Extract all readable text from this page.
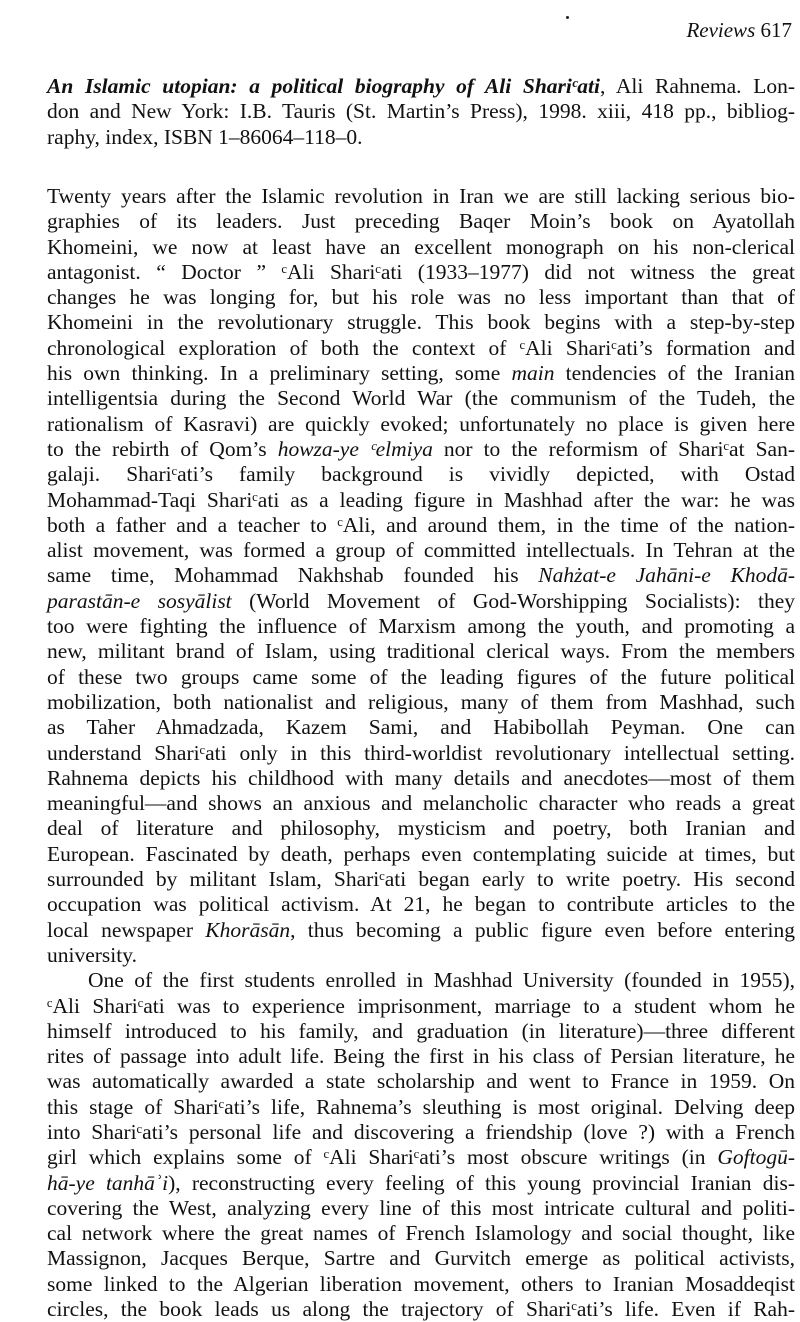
Reviews 617
An Islamic utopian: a political biography of Ali Shariᶜati, Ali Rahnema. Lon-
don and New York: I.B. Tauris (St. Martin’s Press), 1998. xiii, 418 pp., bibliog-
raphy, index, ISBN 1–86064–118–0.
Twenty years after the Islamic revolution in Iran we are still lacking serious bio-
graphies of its leaders. Just preceding Baqer Moin’s book on Ayatollah
Khomeini, we now at least have an excellent monograph on his non-clerical
antagonist. “ Doctor ” ᶜAli Shariᶜati (1933–1977) did not witness the great
changes he was longing for, but his role was no less important than that of
Khomeini in the revolutionary struggle. This book begins with a step-by-step
chronological exploration of both the context of ᶜAli Shariᶜati’s formation and
his own thinking. In a preliminary setting, some main tendencies of the Iranian
intelligentsia during the Second World War (the communism of the Tudeh, the
rationalism of Kasravi) are quickly evoked; unfortunately no place is given here
to the rebirth of Qom’s howza-ye ᶜelmiya nor to the reformism of Shariᶜat San-
galaji. Shariᶜati’s family background is vividly depicted, with Ostad
Mohammad-Taqi Shariᶜati as a leading figure in Mashhad after the war: he was
both a father and a teacher to ᶜAli, and around them, in the time of the nation-
alist movement, was formed a group of committed intellectuals. In Tehran at the
same time, Mohammad Nakhshab founded his Nahżat-e Jahāni-e Khodā-
parastān-e sosyālist (World Movement of God-Worshipping Socialists): they
too were fighting the influence of Marxism among the youth, and promoting a
new, militant brand of Islam, using traditional clerical ways. From the members
of these two groups came some of the leading figures of the future political
mobilization, both nationalist and religious, many of them from Mashhad, such
as Taher Ahmadzada, Kazem Sami, and Habibollah Peyman. One can
understand Shariᶜati only in this third-worldist revolutionary intellectual setting.
Rahnema depicts his childhood with many details and anecdotes—most of them
meaningful—and shows an anxious and melancholic character who reads a great
deal of literature and philosophy, mysticism and poetry, both Iranian and
European. Fascinated by death, perhaps even contemplating suicide at times, but
surrounded by militant Islam, Shariᶜati began early to write poetry. His second
occupation was political activism. At 21, he began to contribute articles to the
local newspaper Khorāsān, thus becoming a public figure even before entering
university.
One of the first students enrolled in Mashhad University (founded in 1955),
ᶜAli Shariᶜati was to experience imprisonment, marriage to a student whom he
himself introduced to his family, and graduation (in literature)—three different
rites of passage into adult life. Being the first in his class of Persian literature, he
was automatically awarded a state scholarship and went to France in 1959. On
this stage of Shariᶜati’s life, Rahnema’s sleuthing is most original. Delving deep
into Shariᶜati’s personal life and discovering a friendship (love ?) with a French
girl which explains some of ᶜAli Shariᶜati’s most obscure writings (in Goftogū-
hā-ye tanhāʾi), reconstructing every feeling of this young provincial Iranian dis-
covering the West, analyzing every line of this most intricate cultural and politi-
cal network where the great names of French Islamology and social thought, like
Massignon, Jacques Berque, Sartre and Gurvitch emerge as political activists,
some linked to the Algerian liberation movement, others to Iranian Mosaddeqist
circles, the book leads us along the trajectory of Shariᶜati’s life. Even if Rah-
